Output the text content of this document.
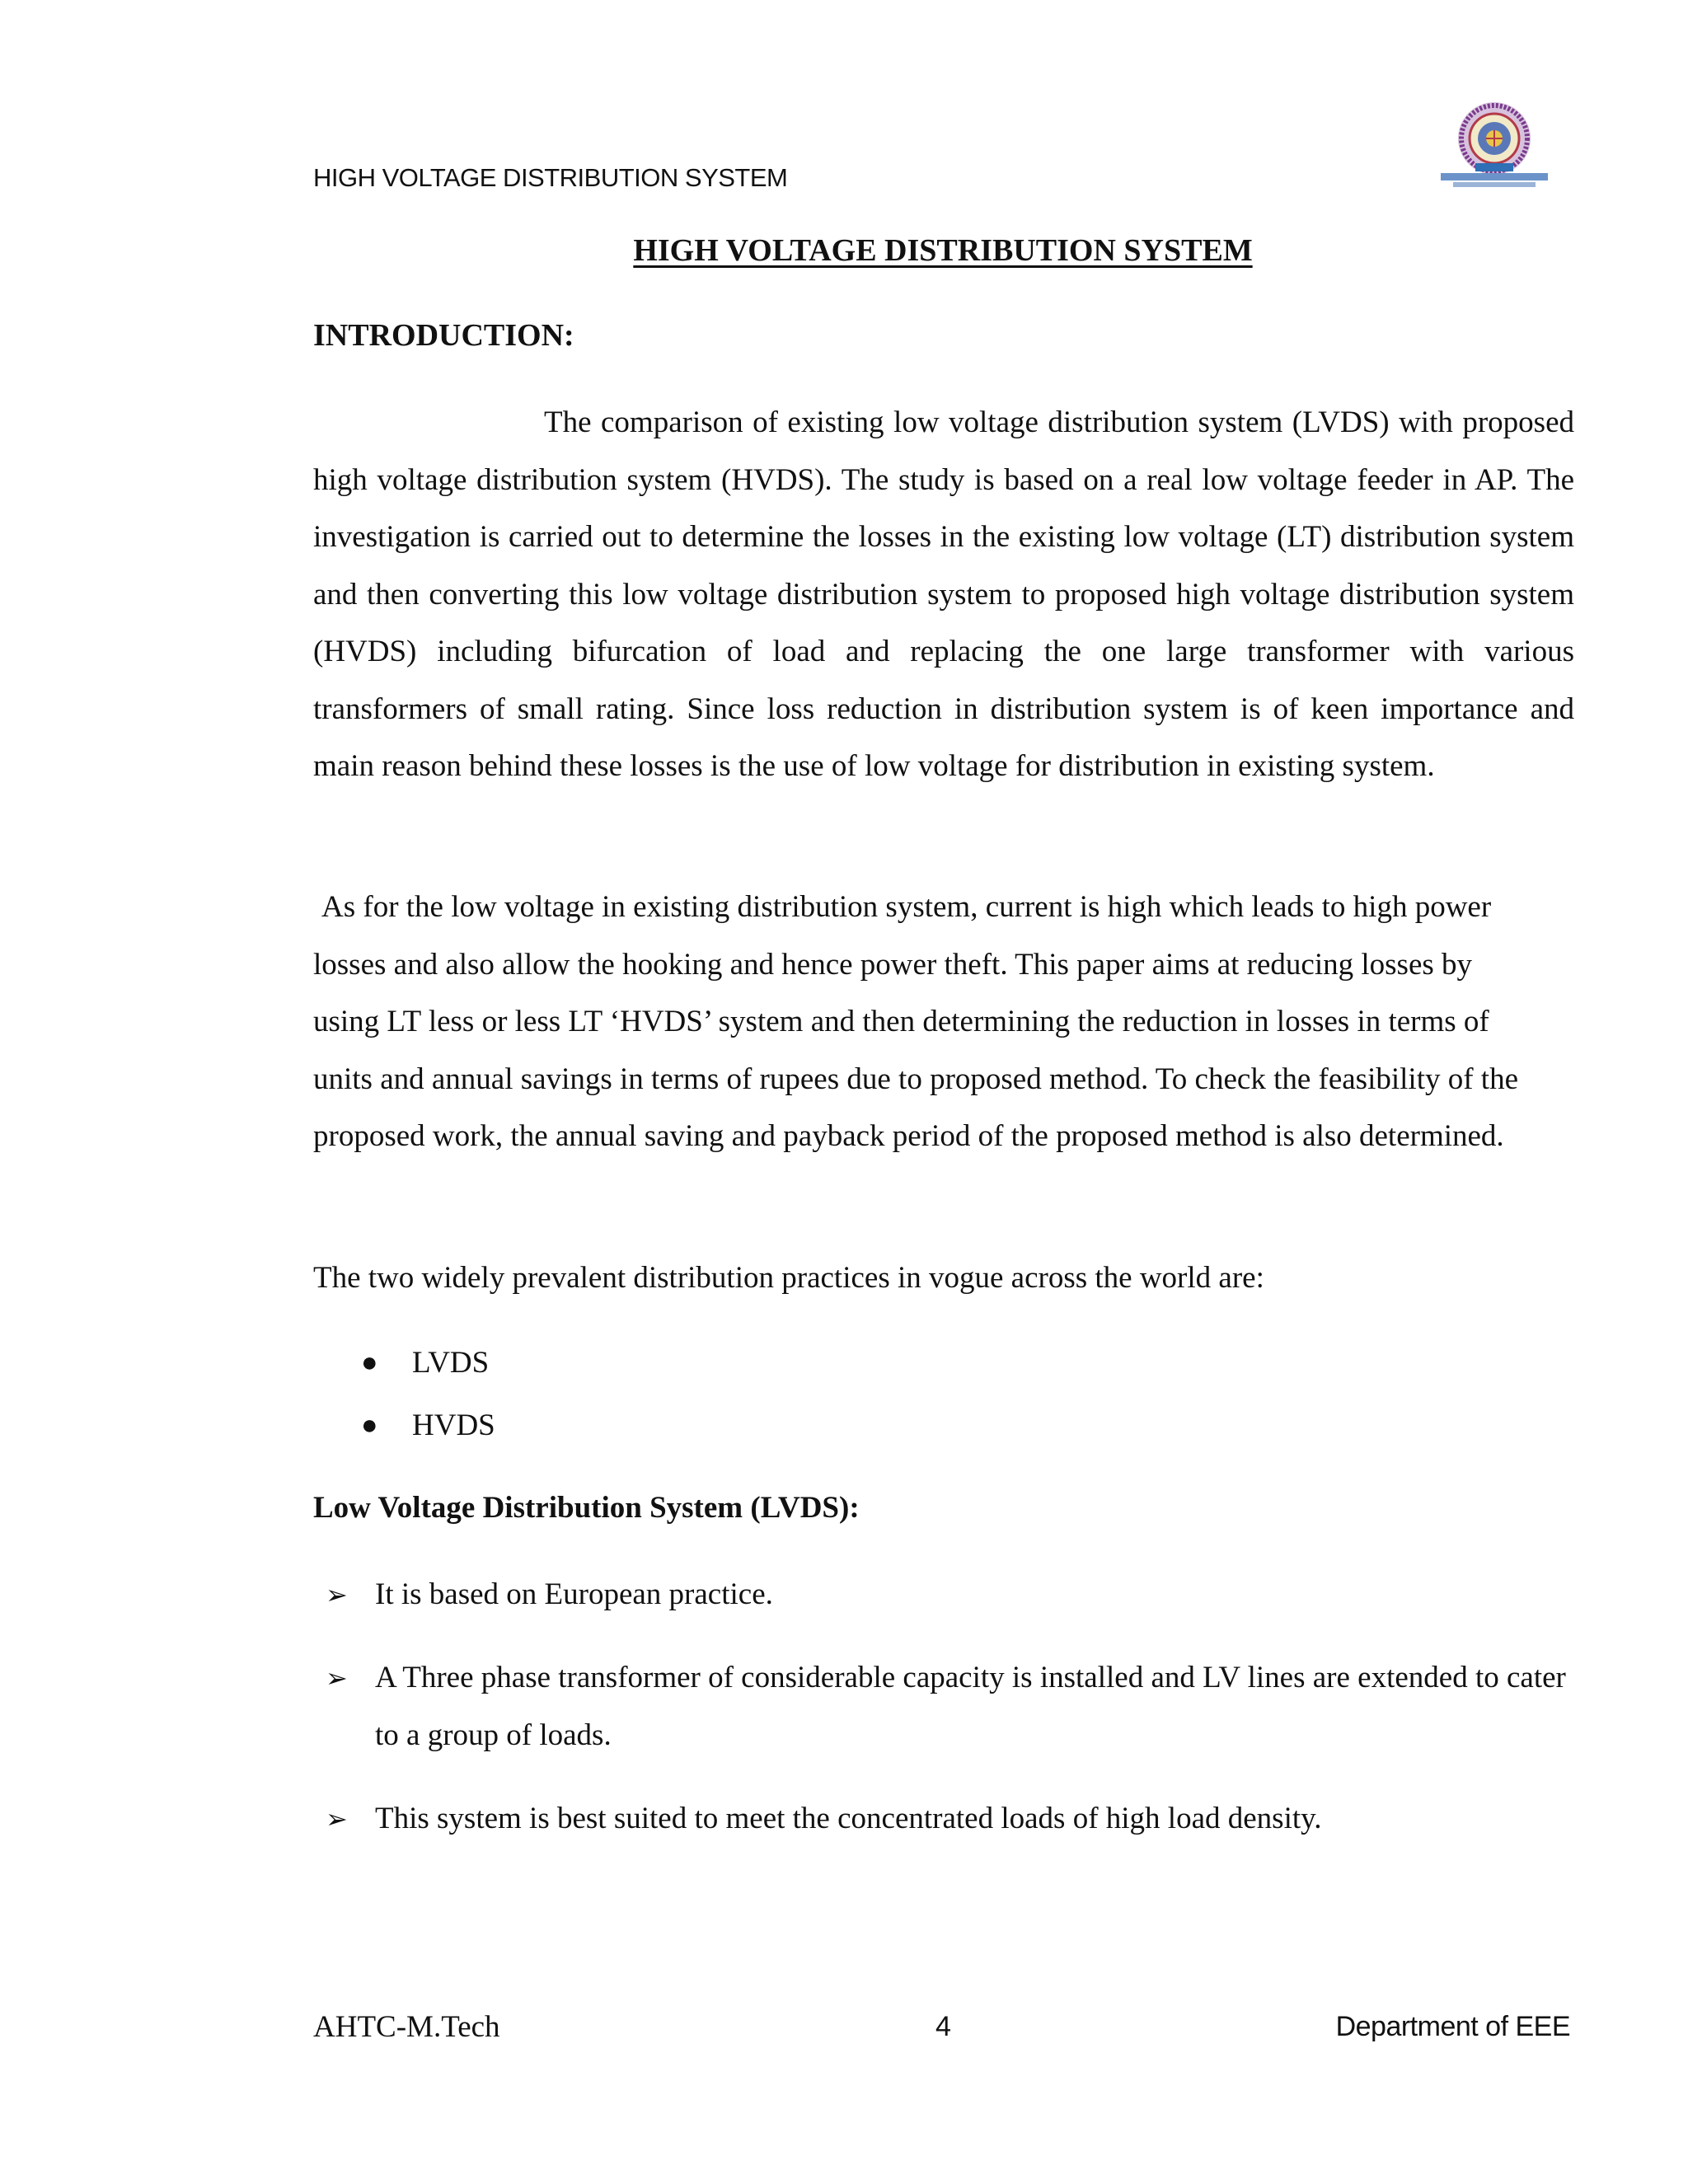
HIGH VOLTAGE DISTRIBUTION SYSTEM
HIGH VOLTAGE DISTRIBUTION SYSTEM
INTRODUCTION:

The comparison of existing low voltage distribution system (LVDS) with proposed high voltage distribution system (HVDS). The study is based on a real low voltage feeder in AP. The investigation is carried out to determine the losses in the existing low voltage (LT) distribution system and then converting this low voltage distribution system to proposed high voltage distribution system (HVDS) including bifurcation of load and replacing the one large transformer with various transformers of small rating. Since loss reduction in distribution system is of keen importance and main reason behind these losses is the use of low voltage for distribution in existing system.

As for the low voltage in existing distribution system, current is high which leads to high power losses and also allow the hooking and hence power theft. This paper aims at reducing losses by using LT less or less LT ‘HVDS’ system and then determining the reduction in losses in terms of units and annual savings in terms of rupees due to proposed method. To check the feasibility of the proposed work, the annual saving and payback period of the proposed method is also determined.

The two widely prevalent distribution practices in vogue across the world are:

● LVDS
● HVDS
Low Voltage Distribution System (LVDS):
➢ It is based on European practice.
➢ A Three phase transformer of considerable capacity is installed and LV lines are extended to cater to a group of loads.
➢ This system is best suited to meet the concentrated loads of high load density.
AHTC-M.Tech	4	Department of EEE
